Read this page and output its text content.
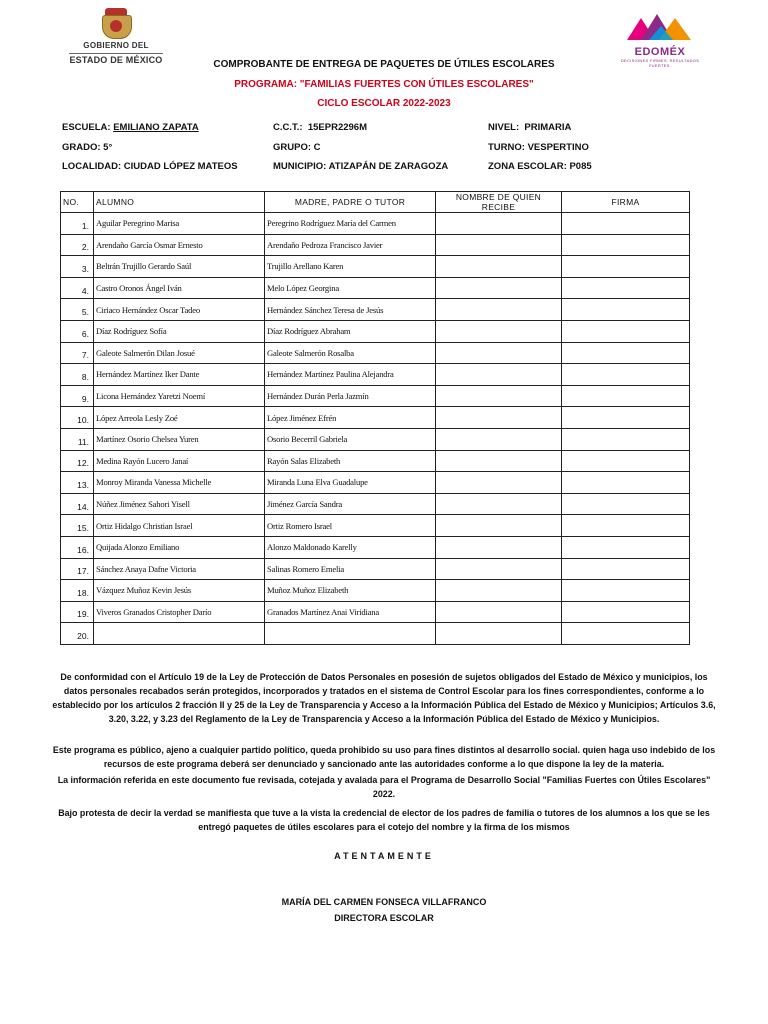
GOBIERNO DEL
ESTADO DE MÉXICO
EDOMÉX
DECISIONES FIRMES, RESULTADOS FUERTES.
COMPROBANTE DE ENTREGA DE PAQUETES DE ÚTILES ESCOLARES
PROGRAMA: "FAMILIAS FUERTES CON ÚTILES ESCOLARES"
CICLO ESCOLAR 2022-2023
ESCUELA: EMILIANO ZAPATA	C.C.T.: 15EPR2296M	NIVEL: PRIMARIA
GRADO: 5°	GRUPO: C	TURNO: VESPERTINO
LOCALIDAD: CIUDAD LÓPEZ MATEOS	MUNICIPIO: ATIZAPÁN DE ZARAGOZA	ZONA ESCOLAR: P085
NO.	ALUMNO	MADRE, PADRE O TUTOR	NOMBRE DE QUIEN RECIBE	FIRMA
1.	Aguilar Peregrino Marisa	Peregrino Rodríguez María del Carmen		
2.	Arendaño García Osmar Ernesto	Arendaño Pedroza Francisco Javier		
3.	Beltrán Trujillo Gerardo Saúl	Trujillo Arellano Karen		
4.	Castro Oronos Ángel Iván	Melo López Georgina		
5.	Ciriaco Hernández Oscar Tadeo	Hernández Sánchez Teresa de Jesús		
6.	Díaz Rodríguez Sofía	Díaz Rodríguez Abraham		
7.	Galeote Salmerón Dilan Josué	Galeote Salmerón Rosalba		
8.	Hernández Martínez Iker Dante	Hernández Martínez Paulina Alejandra		
9.	Licona Hernández Yaretzi Noemí	Hernández Durán Perla Jazmín		
10.	López Arreola Lesly Zoé	López Jiménez Efrén		
11.	Martínez Osorio Chelsea Yuren	Osorio Becerril Gabriela		
12.	Medina Rayón Lucero Janaí	Rayón Salas Elizabeth		
13.	Monroy Miranda Vanessa Michelle	Miranda Luna Elva Guadalupe		
14.	Núñez Jiménez Sahori Yisell	Jiménez García Sandra		
15.	Ortiz Hidalgo Christian Israel	Ortiz Romero Israel		
16.	Quijada Alonzo Emiliano	Alonzo Maldonado Karelly		
17.	Sánchez Anaya Dafne Victoria	Salinas Romero Emelia		
18.	Vázquez Muñoz Kevin Jesús	Muñoz Muñoz Elizabeth		
19.	Viveros Granados Cristopher Darío	Granados Martínez Anai Viridiana		
20.				
De conformidad con el Artículo 19 de la Ley de Protección de Datos Personales en posesión de sujetos obligados del Estado de México y municipios, los datos personales recabados serán protegidos, incorporados y tratados en el sistema de Control Escolar para los fines correspondientes, conforme a lo establecido por los artículos 2 fracción II y 25 de la Ley de Transparencia y Acceso a la Información Pública del Estado de México y Municipios; Artículos 3.6, 3.20, 3.22, y 3.23 del Reglamento de la Ley de Transparencia y Acceso a la Información Pública del Estado de México y Municipios.
Este programa es público, ajeno a cualquier partido político, queda prohibido su uso para fines distintos al desarrollo social. quien haga uso indebido de los recursos de este programa deberá ser denunciado y sancionado ante las autoridades conforme a lo que dispone la ley de la materia.
La información referida en este documento fue revisada, cotejada y avalada para el Programa de Desarrollo Social "Familias Fuertes con Útiles Escolares" 2022.
Bajo protesta de decir la verdad se manifiesta que tuve a la vista la credencial de elector de los padres de familia o tutores de los alumnos a los que se les entregó paquetes de útiles escolares para el cotejo del nombre y la firma de los mismos
ATENTAMENTE
MARÍA DEL CARMEN FONSECA VILLAFRANCO
DIRECTORA ESCOLAR
